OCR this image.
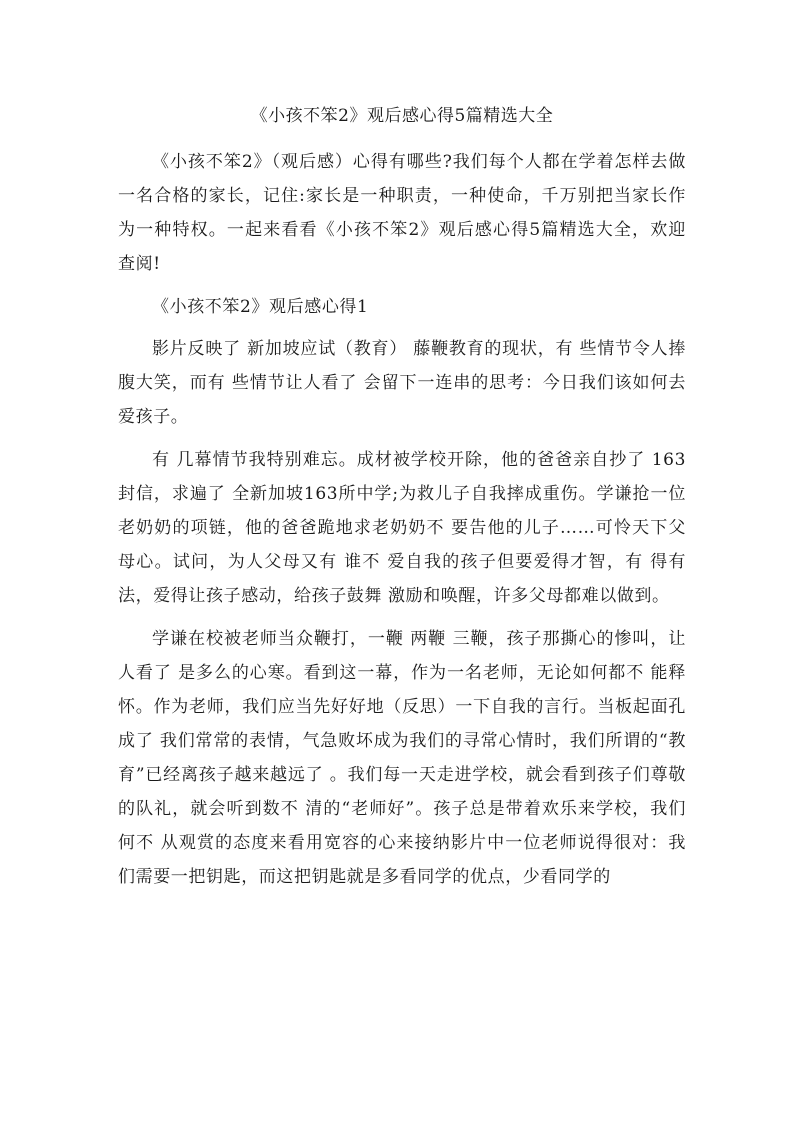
《小孩不笨2》观后感心得5篇精选大全

《小孩不笨2》（观后感）心得有哪些?我们每个人都在学着怎样去做一名合格的家长，记住:家长是一种职责，一种使命，千万别把当家长作为一种特权。一起来看看《小孩不笨2》观后感心得5篇精选大全，欢迎查阅!

《小孩不笨2》观后感心得1

影片反映了 新加坡应试（教育） 藤鞭教育的现状，有 些情节令人捧腹大笑，而有 些情节让人看了 会留下一连串的思考：今日我们该如何去爱孩子。

有 几幕情节我特别难忘。成材被学校开除，他的爸爸亲自抄了 163封信，求遍了 全新加坡163所中学;为救儿子自我摔成重伤。学谦抢一位老奶奶的项链，他的爸爸跪地求老奶奶不 要告他的儿子……可怜天下父母心。试问，为人父母又有 谁不 爱自我的孩子但要爱得才智，有 得有法，爱得让孩子感动，给孩子鼓舞 激励和唤醒，许多父母都难以做到。

学谦在校被老师当众鞭打，一鞭 两鞭 三鞭，孩子那撕心的惨叫，让人看了 是多么的心寒。看到这一幕，作为一名老师，无论如何都不 能释怀。作为老师，我们应当先好好地（反思）一下自我的言行。当板起面孔成了 我们常常的表情，气急败坏成为我们的寻常心情时，我们所谓的“教育”已经离孩子越来越远了 。我们每一天走进学校，就会看到孩子们尊敬的队礼，就会听到数不 清的“老师好”。孩子总是带着欢乐来学校，我们何不 从观赏的态度来看用宽容的心来接纳影片中一位老师说得很对：我们需要一把钥匙，而这把钥匙就是多看同学的优点，少看同学的
